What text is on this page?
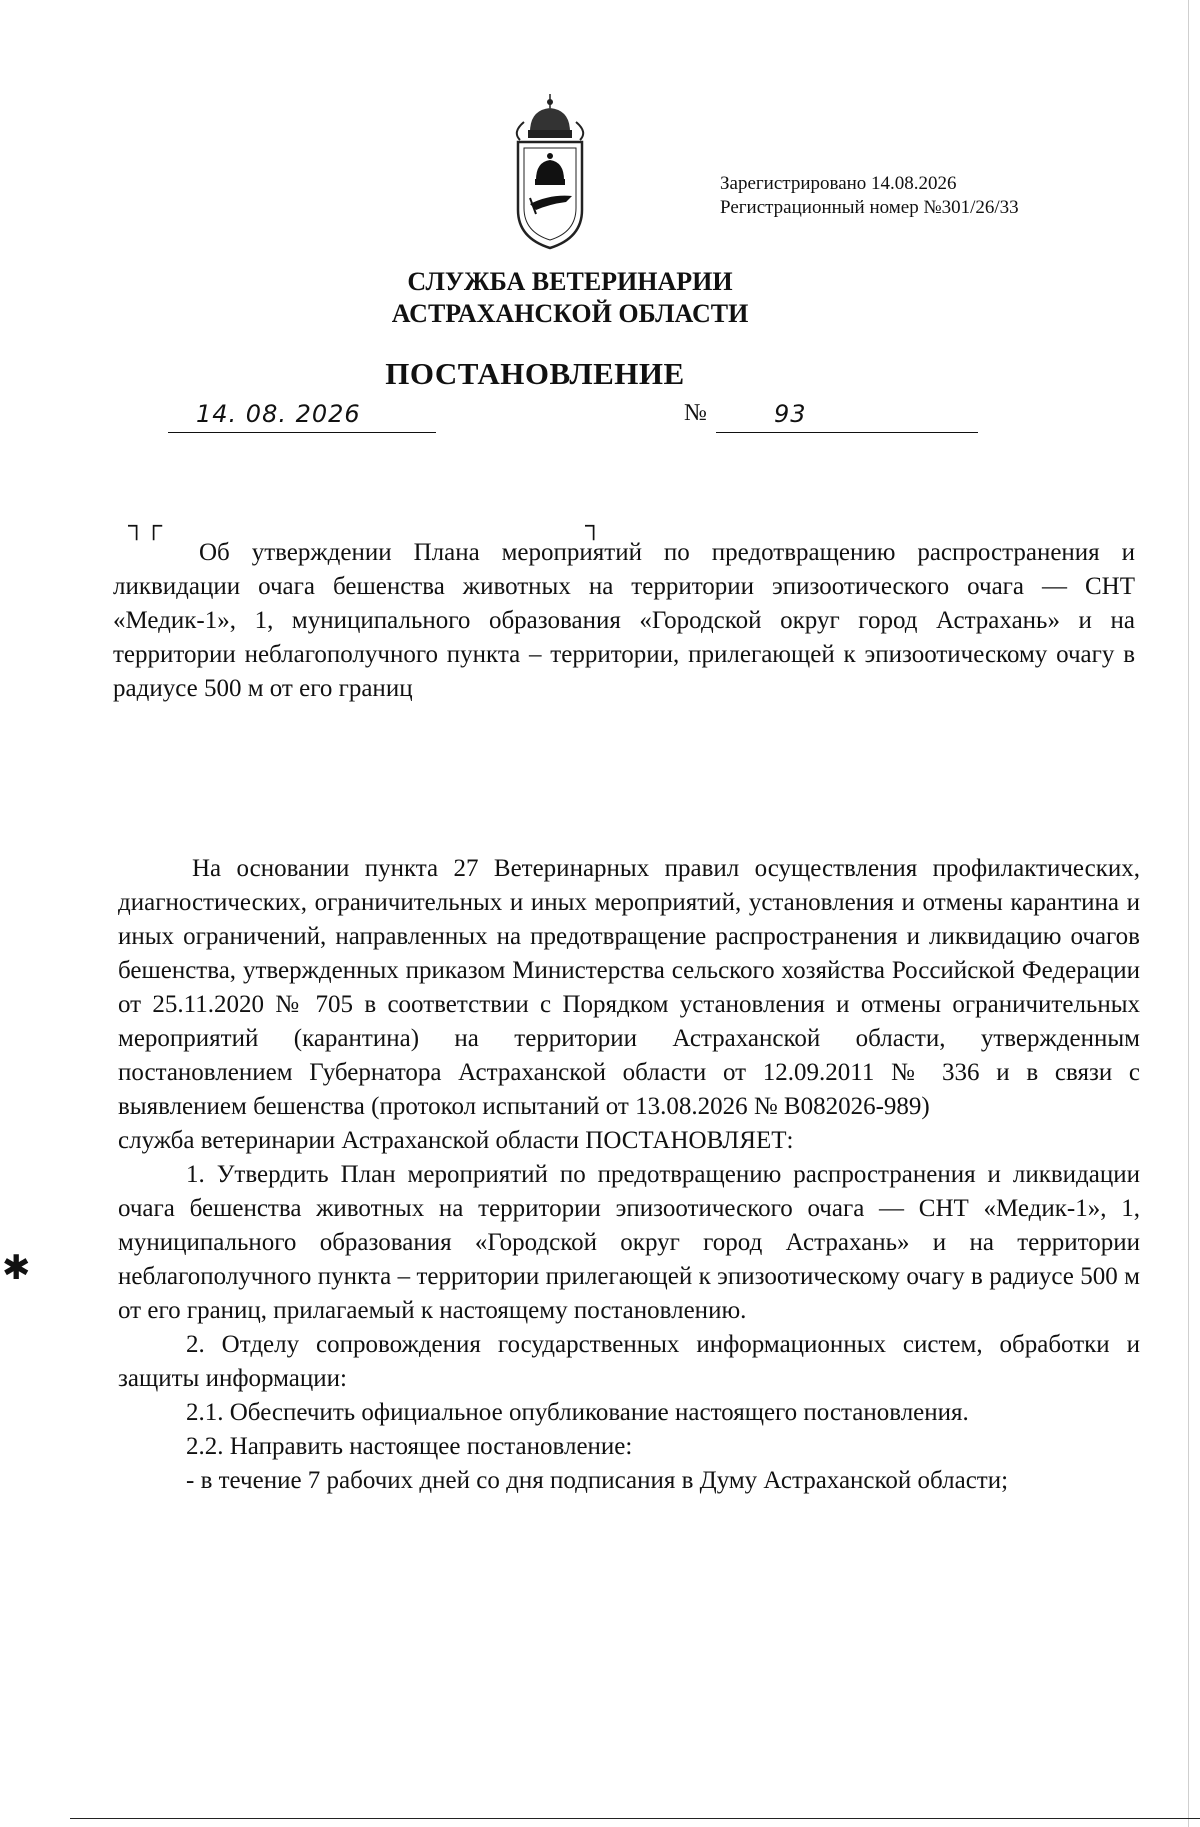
Зарегистрировано 14.08.2026
Регистрационный номер №301/26/33
СЛУЖБА ВЕТЕРИНАРИИ
АСТРАХАНСКОЙ ОБЛАСТИ
ПОСТАНОВЛЕНИЕ
14. 08. 2026	№	93
┐┌	┐

Об утверждении Плана мероприятий по предотвращению распространения и ликвидации очага бешенства животных на территории эпизоотического очага — СНТ «Медик-1», 1, муниципального образования «Городской округ город Астрахань» и на территории неблагополучного пункта – территории, прилегающей к эпизоотическому очагу в радиусе 500 м от его границ

На основании пункта 27 Ветеринарных правил осуществления профилактических, диагностических, ограничительных и иных мероприятий, установления и отмены карантина и иных ограничений, направленных на предотвращение распространения и ликвидацию очагов бешенства, утвержденных приказом Министерства сельского хозяйства Российской Федерации от 25.11.2020 № 705 в соответствии с Порядком установления и отмены ограничительных мероприятий (карантина) на территории Астраханской области, утвержденным постановлением Губернатора Астраханской области от 12.09.2011 № 336 и в связи с выявлением бешенства (протокол испытаний от 13.08.2026 № В082026-989)

служба ветеринарии Астраханской области ПОСТАНОВЛЯЕТ:

1. Утвердить План мероприятий по предотвращению распространения и ликвидации очага бешенства животных на территории эпизоотического очага — СНТ «Медик-1», 1, муниципального образования «Городской округ город Астрахань» и на территории неблагополучного пункта – территории прилегающей к эпизоотическому очагу в радиусе 500 м от его границ, прилагаемый к настоящему постановлению.

2. Отделу сопровождения государственных информационных систем, обработки и защиты информации:

2.1. Обеспечить официальное опубликование настоящего постановления.

2.2. Направить настоящее постановление:

- в течение 7 рабочих дней со дня подписания в Думу Астраханской области;

✱
